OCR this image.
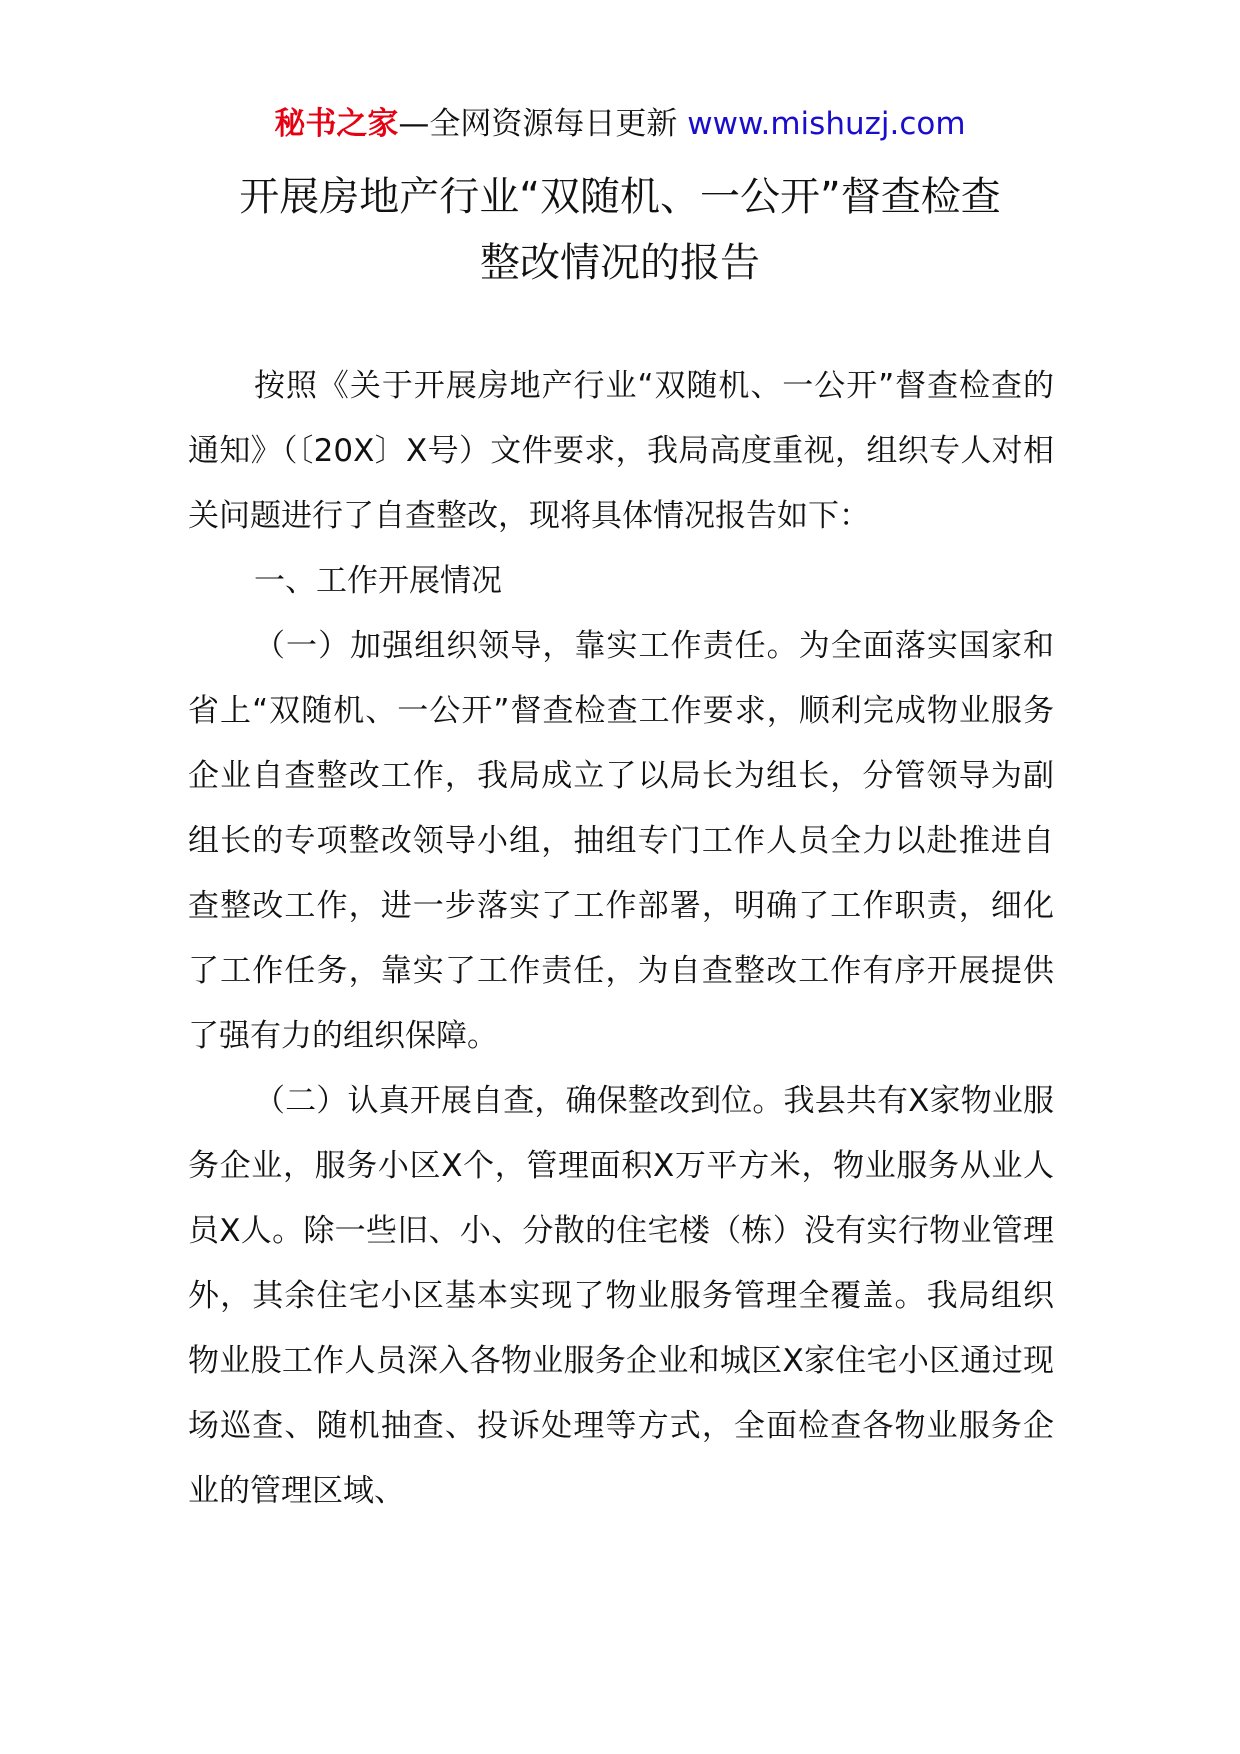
秘书之家—全网资源每日更新 www.mishuzj.com
开展房地产行业“双随机、一公开”督查检查
整改情况的报告

按照《关于开展房地产行业“双随机、一公开”督查检查的通知》（〔20X〕X号）文件要求，我局高度重视，组织专人对相关问题进行了自查整改，现将具体情况报告如下：

一、工作开展情况

（一）加强组织领导，靠实工作责任。为全面落实国家和省上“双随机、一公开”督查检查工作要求，顺利完成物业服务企业自查整改工作，我局成立了以局长为组长，分管领导为副组长的专项整改领导小组，抽组专门工作人员全力以赴推进自查整改工作，进一步落实了工作部署，明确了工作职责，细化了工作任务，靠实了工作责任，为自查整改工作有序开展提供了强有力的组织保障。

（二）认真开展自查，确保整改到位。我县共有X家物业服务企业，服务小区X个，管理面积X万平方米，物业服务从业人员X人。除一些旧、小、分散的住宅楼（栋）没有实行物业管理外，其余住宅小区基本实现了物业服务管理全覆盖。我局组织物业股工作人员深入各物业服务企业和城区X家住宅小区通过现场巡查、随机抽查、投诉处理等方式，全面检查各物业服务企业的管理区域、
